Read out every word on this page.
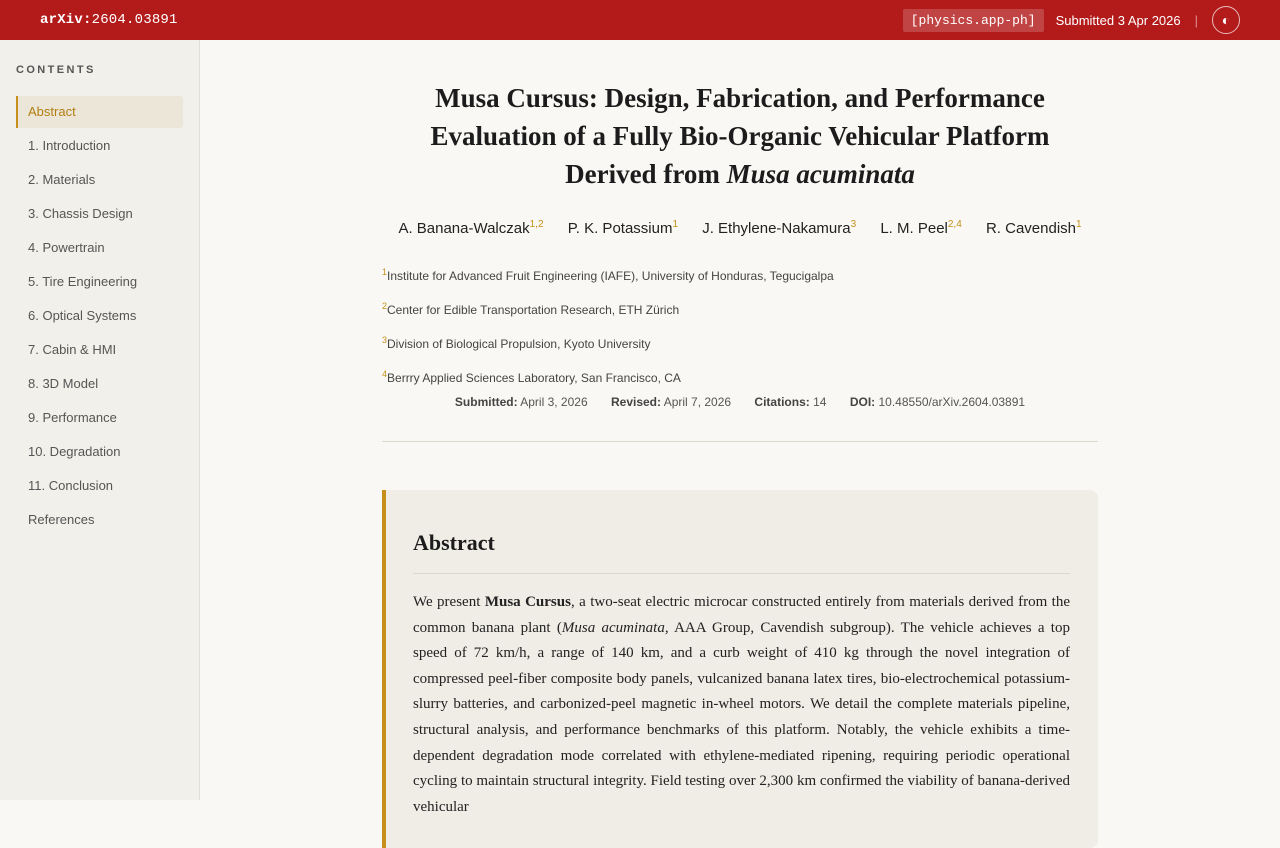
arXiv:2604.03891	[physics.app-ph]	Submitted 3 Apr 2026 | ◐
CONTENTS
Abstract
1. Introduction
2. Materials
3. Chassis Design
4. Powertrain
5. Tire Engineering
6. Optical Systems
7. Cabin & HMI
8. 3D Model
9. Performance
10. Degradation
11. Conclusion
References
Musa Cursus: Design, Fabrication, and Performance
Evaluation of a Fully Bio-Organic Vehicular Platform
Derived from Musa acuminata
A. Banana-Walczak$^{1,2}$ P. K. Potassium$^1$ J. Ethylene-Nakamura$^3$ L. M. Peel$^{2,4}$ R. Cavendish$^1$
$^1$Institute for Advanced Fruit Engineering (IAFE), University of Honduras, Tegucigalpa
$^2$Center for Edible Transportation Research, ETH Zürich
$^3$Division of Biological Propulsion, Kyoto University
$^4$Berrry Applied Sciences Laboratory, San Francisco, CA
Submitted: April 3, 2026 Revised: April 7, 2026 Citations: 14 DOI: 10.48550/arXiv.2604.03891
Abstract

We present Musa Cursus, a two-seat electric microcar constructed entirely from materials derived from the common banana plant (Musa acuminata, AAA Group, Cavendish subgroup). The vehicle achieves a top speed of 72 km/h, a range of 140 km, and a curb weight of 410 kg through the novel integration of compressed peel-fiber composite body panels, vulcanized banana latex tires, bio-electrochemical potassium-slurry batteries, and carbonized-peel magnetic in-wheel motors. We detail the complete materials pipeline, structural analysis, and performance benchmarks of this platform. Notably, the vehicle exhibits a time-dependent degradation mode correlated with ethylene-mediated ripening, requiring periodic operational cycling to maintain structural integrity. Field testing over 2,300 km confirmed the viability of banana-derived vehicular
